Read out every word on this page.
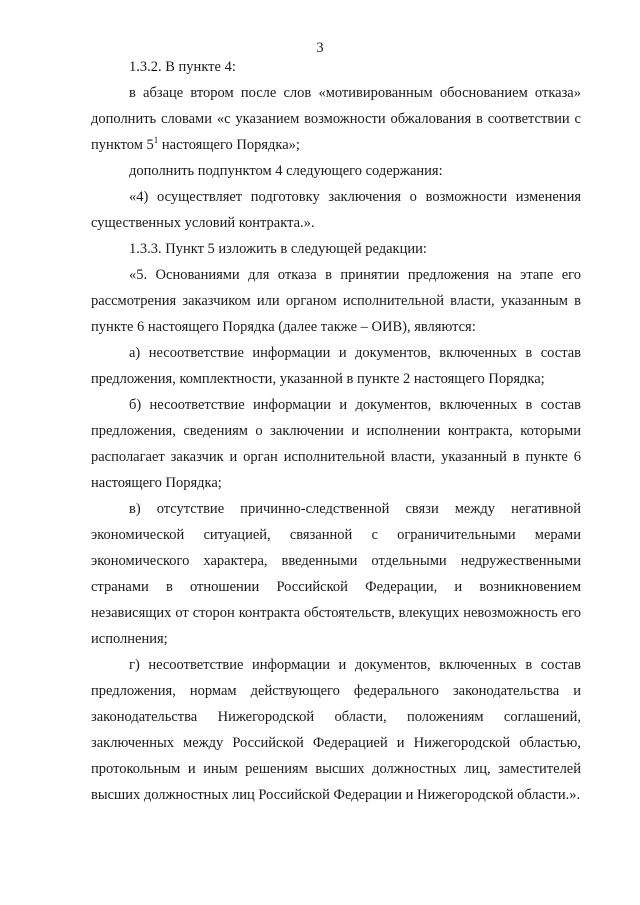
3

1.3.2. В пункте 4:

в абзаце втором после слов «мотивированным обоснованием отказа» дополнить словами «с указанием возможности обжалования в соответствии с пунктом $5^1$ настоящего Порядка»;

дополнить подпунктом 4 следующего содержания:

«4) осуществляет подготовку заключения о возможности изменения существенных условий контракта.».

1.3.3. Пункт 5 изложить в следующей редакции:

«5. Основаниями для отказа в принятии предложения на этапе его рассмотрения заказчиком или органом исполнительной власти, указанным в пункте 6 настоящего Порядка (далее также – ОИВ), являются:

а) несоответствие информации и документов, включенных в состав предложения, комплектности, указанной в пункте 2 настоящего Порядка;

б) несоответствие информации и документов, включенных в состав предложения, сведениям о заключении и исполнении контракта, которыми располагает заказчик и орган исполнительной власти, указанный в пункте 6 настоящего Порядка;

в) отсутствие причинно-следственной связи между негативной экономической ситуацией, связанной с ограничительными мерами экономического характера, введенными отдельными недружественными странами в отношении Российской Федерации, и возникновением независящих от сторон контракта обстоятельств, влекущих невозможность его исполнения;

г) несоответствие информации и документов, включенных в состав предложения, нормам действующего федерального законодательства и законодательства Нижегородской области, положениям соглашений, заключенных между Российской Федерацией и Нижегородской областью, протокольным и иным решениям высших должностных лиц, заместителей высших должностных лиц Российской Федерации и Нижегородской области.».
